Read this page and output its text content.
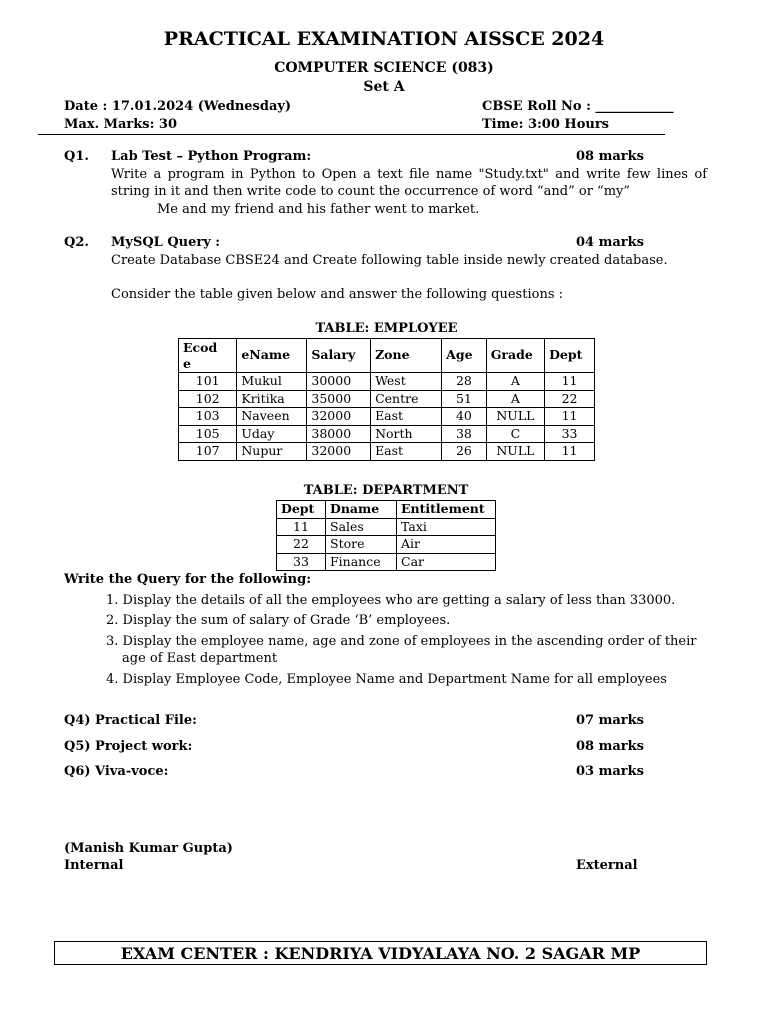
PRACTICAL EXAMINATION AISSCE 2024
COMPUTER SCIENCE (083)
Set A
Date : 17.01.2024 (Wednesday)	CBSE Roll No : ____________
Max. Marks: 30	Time: 3:00 Hours
Q1. Lab Test – Python Program:	08 marks
Write a program in Python to Open a text file name "Study.txt" and write few lines of
string in it and then write code to count the occurrence of word “and” or “my”
Me and my friend and his father went to market.
Q2. MySQL Query :	04 marks
Create Database CBSE24 and Create following table inside newly created database.
Consider the table given below and answer the following questions :
TABLE: EMPLOYEE
Ecod
e	eName	Salary	Zone	Age	Grade	Dept
101	Mukul	30000	West	28	A	11
102	Kritika	35000	Centre	51	A	22
103	Naveen	32000	East	40	NULL	11
105	Uday	38000	North	38	C	33
107	Nupur	32000	East	26	NULL	11
TABLE: DEPARTMENT
Dept	Dname	Entitlement
11	Sales	Taxi
22	Store	Air
33	Finance	Car
Write the Query for the following:
1. Display the details of all the employees who are getting a salary of less than 33000.
2. Display the sum of salary of Grade ‘B’ employees.
3. Display the employee name, age and zone of employees in the ascending order of their
age of East department
4. Display Employee Code, Employee Name and Department Name for all employees
Q4) Practical File:	07 marks
Q5) Project work:	08 marks
Q6) Viva-voce:	03 marks
(Manish Kumar Gupta)
Internal	External
EXAM CENTER : KENDRIYA VIDYALAYA NO. 2 SAGAR MP
